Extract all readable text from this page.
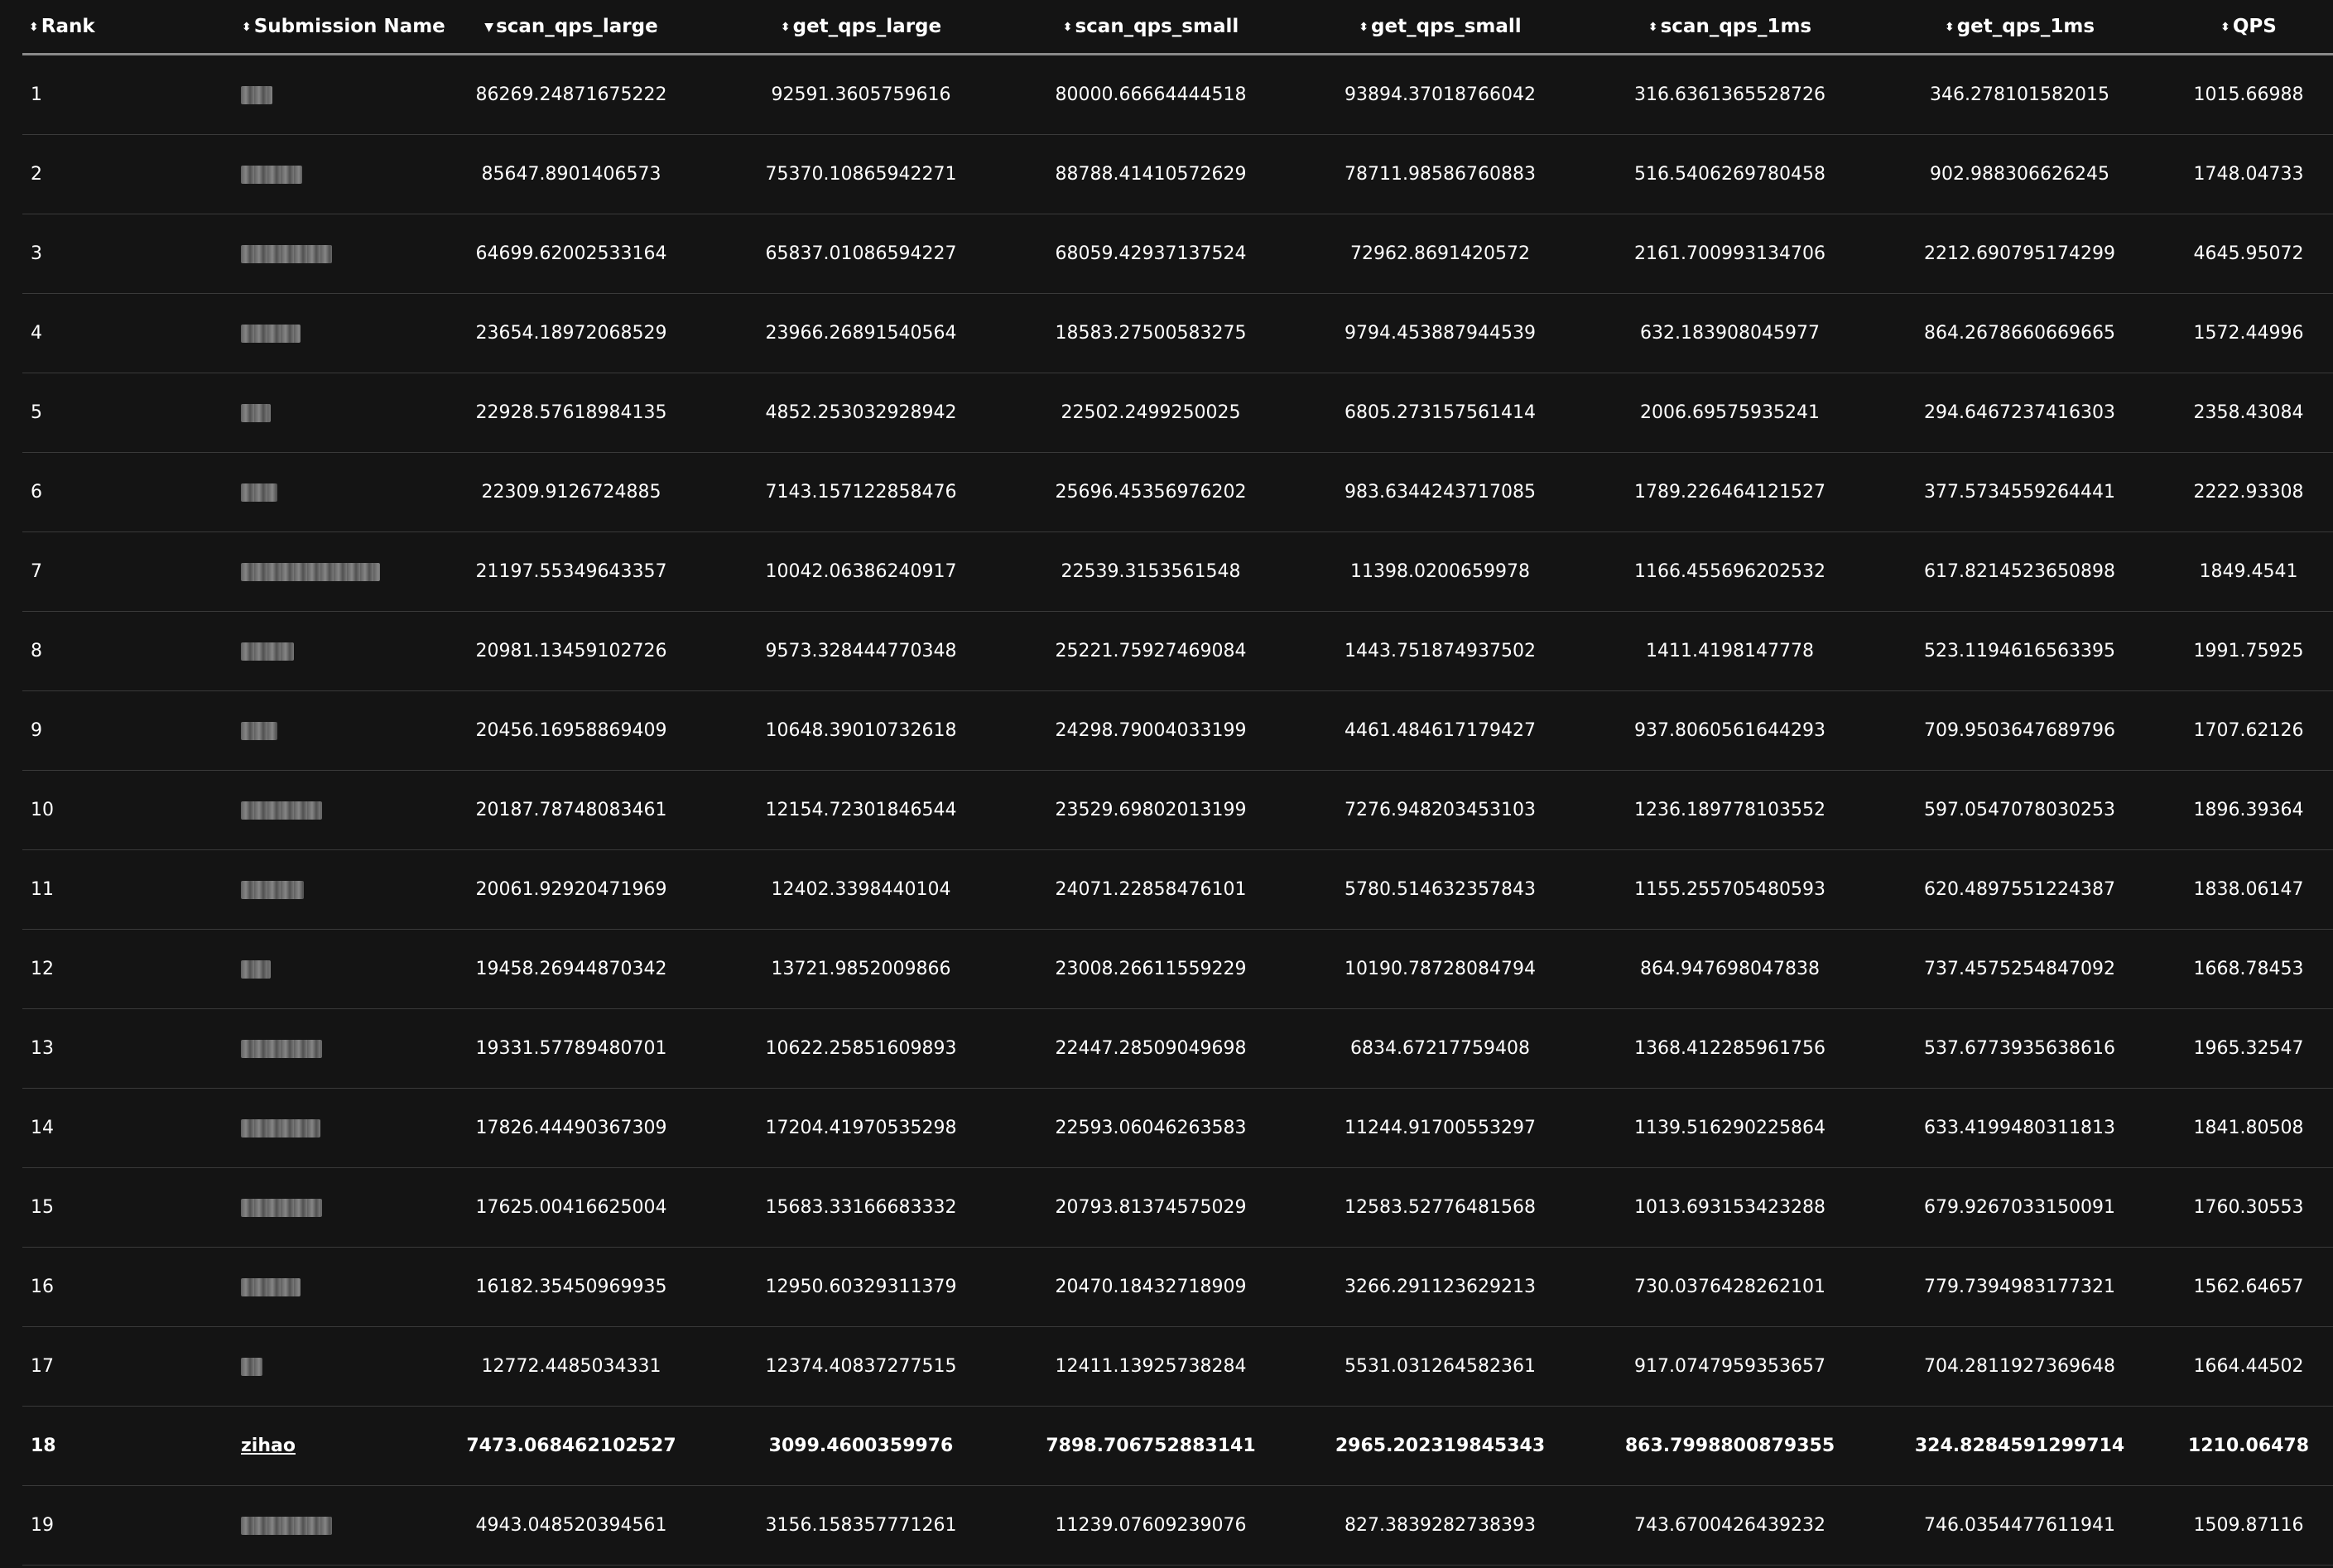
⬍ Rank	⬍ Submission Name	▼ scan_qps_large	⬍ get_qps_large	⬍ scan_qps_small	⬍ get_qps_small	⬍ scan_qps_1ms	⬍ get_qps_1ms	⬍ QPS
1		86269.24871675222	92591.3605759616	80000.66664444518	93894.37018766042	316.6361365528726	346.278101582015	1015.66988
2		85647.8901406573	75370.10865942271	88788.41410572629	78711.98586760883	516.5406269780458	902.988306626245	1748.04733
3		64699.62002533164	65837.01086594227	68059.42937137524	72962.8691420572	2161.700993134706	2212.690795174299	4645.95072
4		23654.18972068529	23966.26891540564	18583.27500583275	9794.453887944539	632.183908045977	864.2678660669665	1572.44996
5		22928.57618984135	4852.253032928942	22502.2499250025	6805.273157561414	2006.69575935241	294.6467237416303	2358.43084
6		22309.9126724885	7143.157122858476	25696.45356976202	983.6344243717085	1789.226464121527	377.5734559264441	2222.93308
7		21197.55349643357	10042.06386240917	22539.3153561548	11398.0200659978	1166.455696202532	617.8214523650898	1849.4541
8		20981.13459102726	9573.328444770348	25221.75927469084	1443.751874937502	1411.4198147778	523.1194616563395	1991.75925
9		20456.16958869409	10648.39010732618	24298.79004033199	4461.484617179427	937.8060561644293	709.9503647689796	1707.62126
10		20187.78748083461	12154.72301846544	23529.69802013199	7276.948203453103	1236.189778103552	597.0547078030253	1896.39364
11		20061.92920471969	12402.3398440104	24071.22858476101	5780.514632357843	1155.255705480593	620.4897551224387	1838.06147
12		19458.26944870342	13721.9852009866	23008.26611559229	10190.78728084794	864.947698047838	737.4575254847092	1668.78453
13		19331.57789480701	10622.25851609893	22447.28509049698	6834.67217759408	1368.412285961756	537.6773935638616	1965.32547
14		17826.44490367309	17204.41970535298	22593.06046263583	11244.91700553297	1139.516290225864	633.4199480311813	1841.80508
15		17625.00416625004	15683.33166683332	20793.81374575029	12583.52776481568	1013.693153423288	679.9267033150091	1760.30553
16		16182.35450969935	12950.60329311379	20470.18432718909	3266.291123629213	730.0376428262101	779.7394983177321	1562.64657
17		12772.4485034331	12374.40837277515	12411.13925738284	5531.031264582361	917.0747959353657	704.2811927369648	1664.44502
18	zihao	7473.068462102527	3099.4600359976	7898.706752883141	2965.202319845343	863.7998800879355	324.8284591299714	1210.06478
19		4943.048520394561	3156.158357771261	11239.07609239076	827.3839282738393	743.6700426439232	746.0354477611941	1509.87116
